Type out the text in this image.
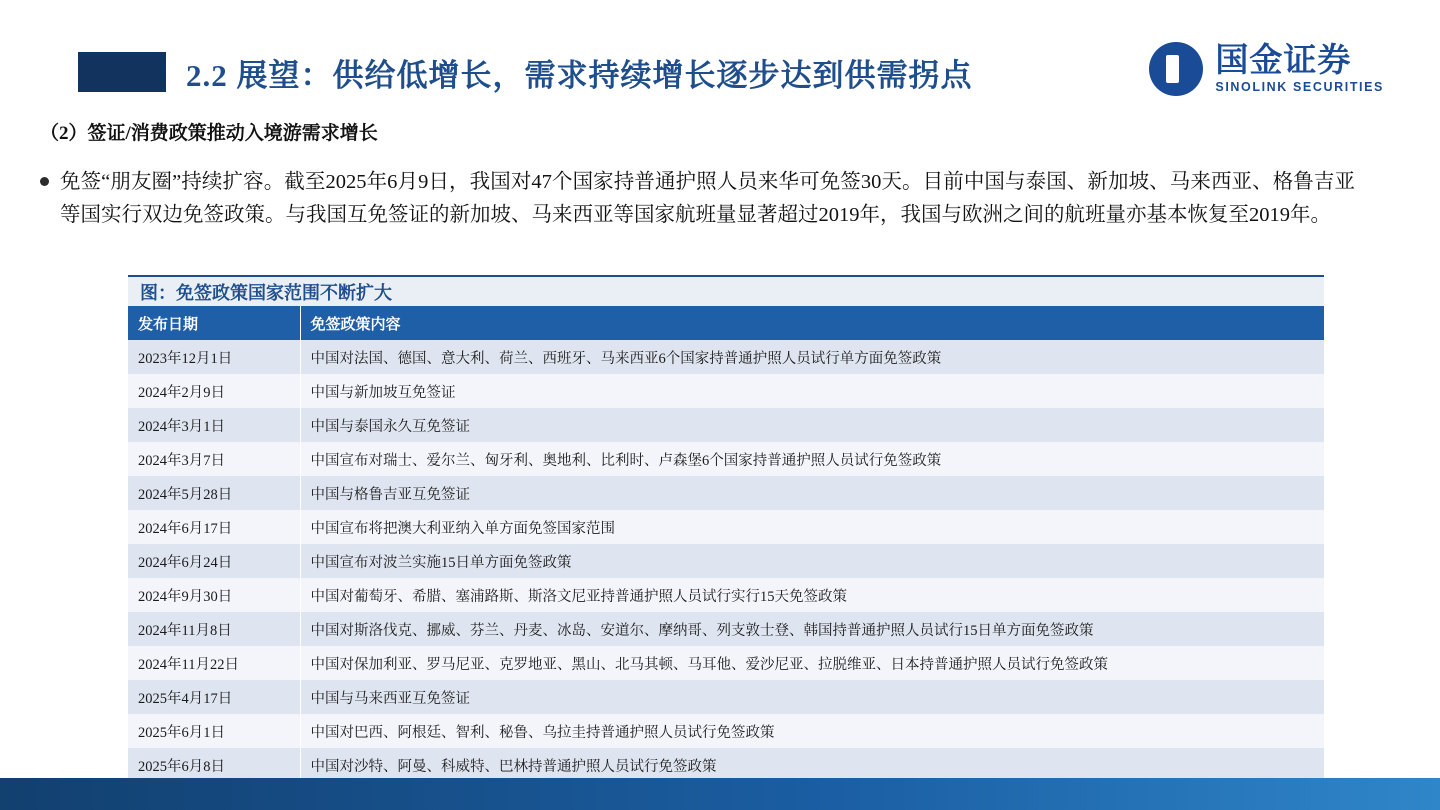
2.2 展望：供给低增长，需求持续增长逐步达到供需拐点	国金证券
SINOLINK SECURITIES
（2）签证/消费政策推动入境游需求增长
免签“朋友圈”持续扩容。截至2025年6月9日，我国对47个国家持普通护照人员来华可免签30天。目前中国与泰国、新加坡、马来西亚、格鲁吉亚等国实行双边免签政策。与我国互免签证的新加坡、马来西亚等国家航班量显著超过2019年，我国与欧洲之间的航班量亦基本恢复至2019年。
图：免签政策国家范围不断扩大
发布日期	免签政策内容
2023年12月1日	中国对法国、德国、意大利、荷兰、西班牙、马来西亚6个国家持普通护照人员试行单方面免签政策
2024年2月9日	中国与新加坡互免签证
2024年3月1日	中国与泰国永久互免签证
2024年3月7日	中国宣布对瑞士、爱尔兰、匈牙利、奥地利、比利时、卢森堡6个国家持普通护照人员试行免签政策
2024年5月28日	中国与格鲁吉亚互免签证
2024年6月17日	中国宣布将把澳大利亚纳入单方面免签国家范围
2024年6月24日	中国宣布对波兰实施15日单方面免签政策
2024年9月30日	中国对葡萄牙、希腊、塞浦路斯、斯洛文尼亚持普通护照人员试行实行15天免签政策
2024年11月8日	中国对斯洛伐克、挪威、芬兰、丹麦、冰岛、安道尔、摩纳哥、列支敦士登、韩国持普通护照人员试行15日单方面免签政策
2024年11月22日	中国对保加利亚、罗马尼亚、克罗地亚、黑山、北马其顿、马耳他、爱沙尼亚、拉脱维亚、日本持普通护照人员试行免签政策
2025年4月17日	中国与马来西亚互免签证
2025年6月1日	中国对巴西、阿根廷、智利、秘鲁、乌拉圭持普通护照人员试行免签政策
2025年6月8日	中国对沙特、阿曼、科威特、巴林持普通护照人员试行免签政策
